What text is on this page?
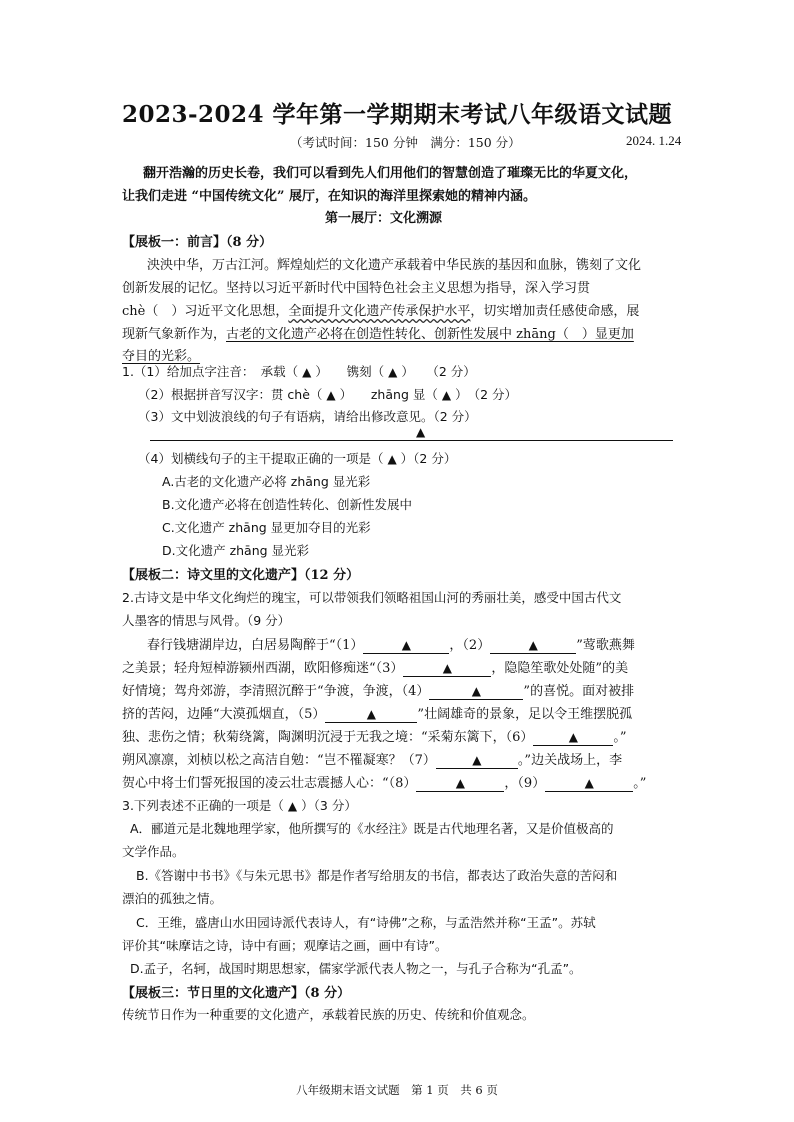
2023-2024 学年第一学期期末考试八年级语文试题
（考试时间：150 分钟　满分：150 分）	2024. 1.24
翻开浩瀚的历史长卷，我们可以看到先人们用他们的智慧创造了璀璨无比的华夏文化，
让我们走进 “中国传统文化” 展厅，在知识的海洋里探索她的精神内涵。
第一展厅：文化溯源
【展板一：前言】（8 分）
泱泱中华，万古江河。辉煌灿烂的文化遗产承载着中华民族的基因和血脉，镌刻了文化
创新发展的记忆。坚持以习近平新时代中国特色社会主义思想为指导，深入学习贯
chè（　）习近平文化思想，全面提升文化遗产传承保护水平，切实增加责任感使命感，展
现新气象新作为，古老的文化遗产必将在创造性转化、创新性发展中 zhāng（　）显更加
夺目的光彩。
1.（1）给加点字注音：　承载（ ▲ ）　　镌刻（ ▲ ）　　（2 分）
（2）根据拼音写汉字：贯 chè（ ▲ ）　　zhāng 显（ ▲ ）　（2 分）
（3）文中划波浪线的句子有语病，请给出修改意见。（2 分）
▲
（4）划横线句子的主干提取正确的一项是（ ▲ ）（2 分）
A.古老的文化遗产必将 zhāng 显光彩
B.文化遗产必将在创造性转化、创新性发展中
C.文化遗产 zhāng 显更加夺目的光彩
D.文化遗产 zhāng 显光彩
【展板二：诗文里的文化遗产】（12 分）
2.古诗文是中华文化绚烂的瑰宝，可以带领我们领略祖国山河的秀丽壮美，感受中国古代文
人墨客的情思与风骨。（9 分）
春行钱塘湖岸边，白居易陶醉于“（1）	▲	，（2）	▲	”莺歌燕舞
之美景；轻舟短棹游颍州西湖，欧阳修痴迷“（3）	▲	，隐隐笙歌处处随”的美
好情境；驾舟郊游，李清照沉醉于“争渡，争渡，（4）	▲	”的喜悦。面对被排
挤的苦闷，边陲“大漠孤烟直，（5）	▲	”壮阔雄奇的景象，足以令王维摆脱孤
独、悲伤之情；秋菊绕篱，陶渊明沉浸于无我之境：“采菊东篱下，（6）	▲	。”
朔风凛凛，刘桢以松之高洁自勉：“岂不罹凝寒？（7）	▲	。”边关战场上，李
贺心中将士们誓死报国的凌云壮志震撼人心：“（8）	▲	，（9）	▲	。”
3.下列表述不正确的一项是（ ▲ ）（3 分）
A．郦道元是北魏地理学家，他所撰写的《水经注》既是古代地理名著，又是价值极高的
文学作品。
B.《答谢中书书》《与朱元思书》都是作者写给朋友的书信，都表达了政治失意的苦闷和
漂泊的孤独之情。
C．王维，盛唐山水田园诗派代表诗人，有“诗佛”之称，与孟浩然并称“王孟”。苏轼
评价其“味摩诘之诗，诗中有画；观摩诘之画，画中有诗”。
D.孟子，名轲，战国时期思想家，儒家学派代表人物之一，与孔子合称为“孔孟”。
【展板三：节日里的文化遗产】（8 分）
传统节日作为一种重要的文化遗产，承载着民族的历史、传统和价值观念。
八年级期末语文试题　第 1 页　共 6 页
